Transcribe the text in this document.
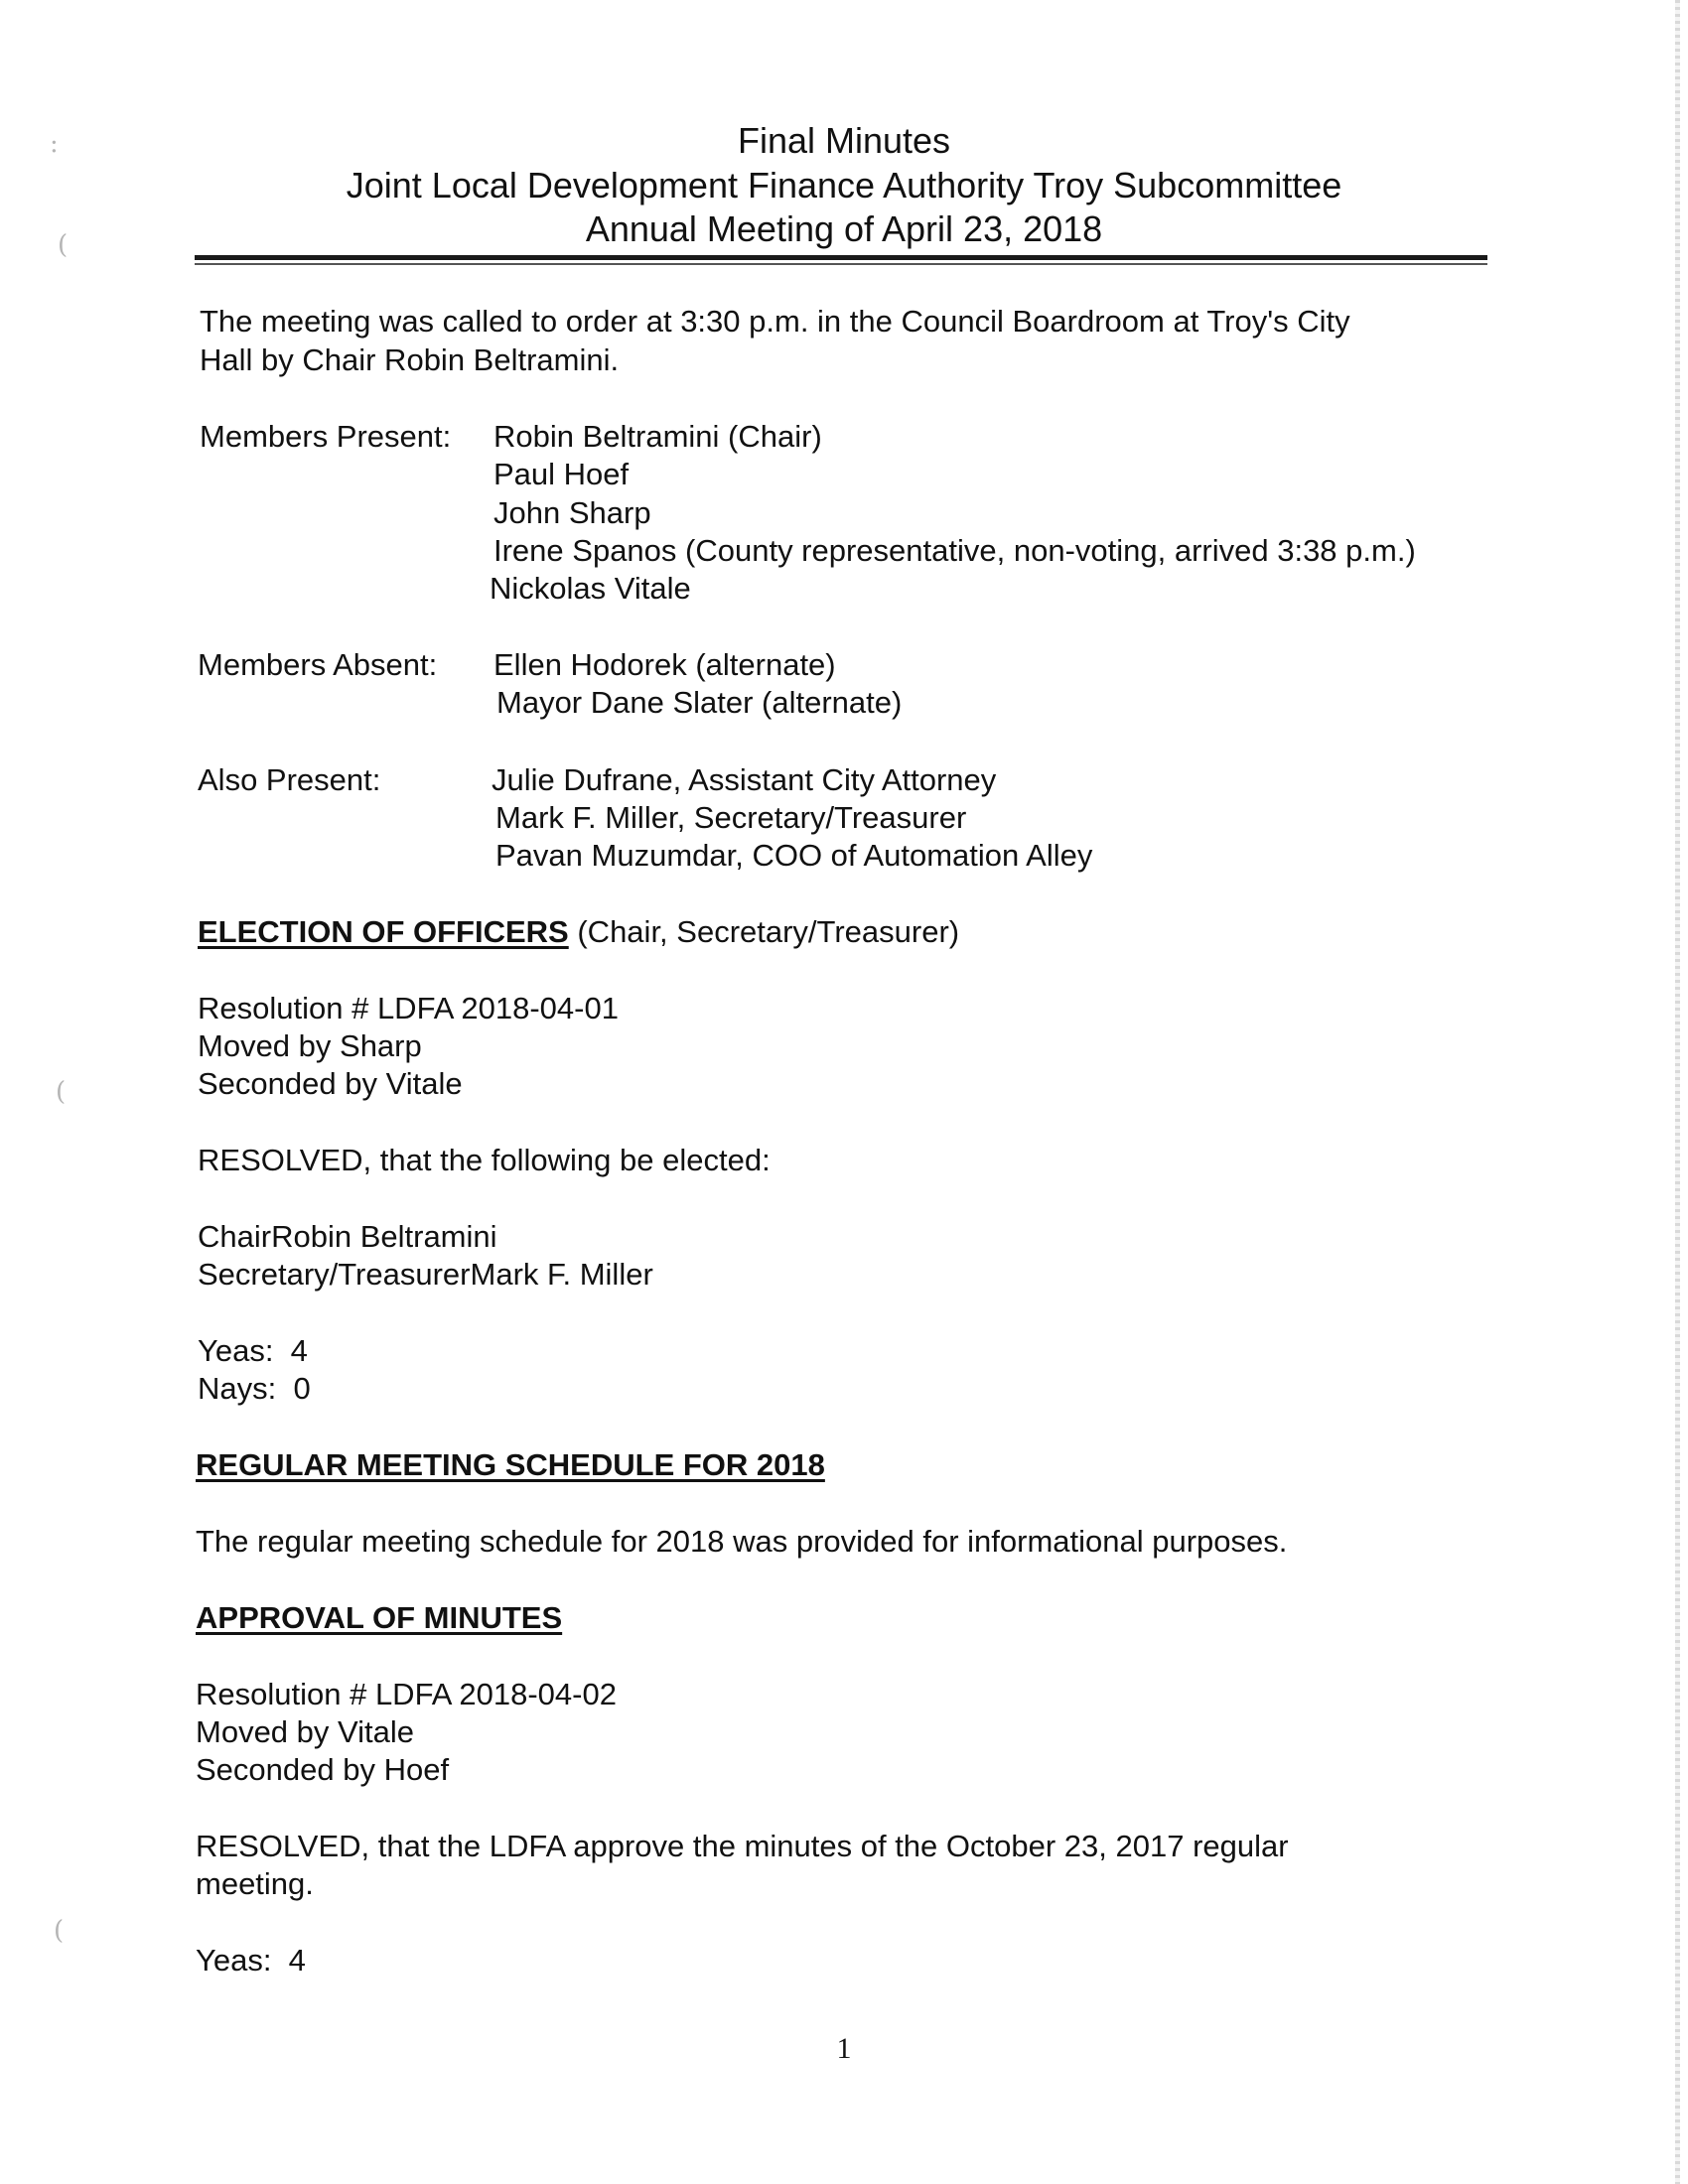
:
(
(
(
Final Minutes
Joint Local Development Finance Authority Troy Subcommittee
Annual Meeting of April 23, 2018
The meeting was called to order at 3:30 p.m. in the Council Boardroom at Troy's City
Hall by Chair Robin Beltramini.
Members Present: Robin Beltramini (Chair)
Paul Hoef
John Sharp
Irene Spanos (County representative, non-voting, arrived 3:38 p.m.)
Nickolas Vitale
Members Absent: Ellen Hodorek (alternate)
Mayor Dane Slater (alternate)
Also Present:	Julie Dufrane, Assistant City Attorney
Mark F. Miller, Secretary/Treasurer
Pavan Muzumdar, COO of Automation Alley
ELECTION OF OFFICERS (Chair, Secretary/Treasurer)
Resolution # LDFA 2018-04-01
Moved by Sharp
Seconded by Vitale
RESOLVED, that the following be elected:
ChairRobin Beltramini
Secretary/TreasurerMark F. Miller
Yeas:  4
Nays:  0
REGULAR MEETING SCHEDULE FOR 2018
The regular meeting schedule for 2018 was provided for informational purposes.
APPROVAL OF MINUTES
Resolution # LDFA 2018-04-02
Moved by Vitale
Seconded by Hoef
RESOLVED, that the LDFA approve the minutes of the October 23, 2017 regular
meeting.
Yeas:  4
1
